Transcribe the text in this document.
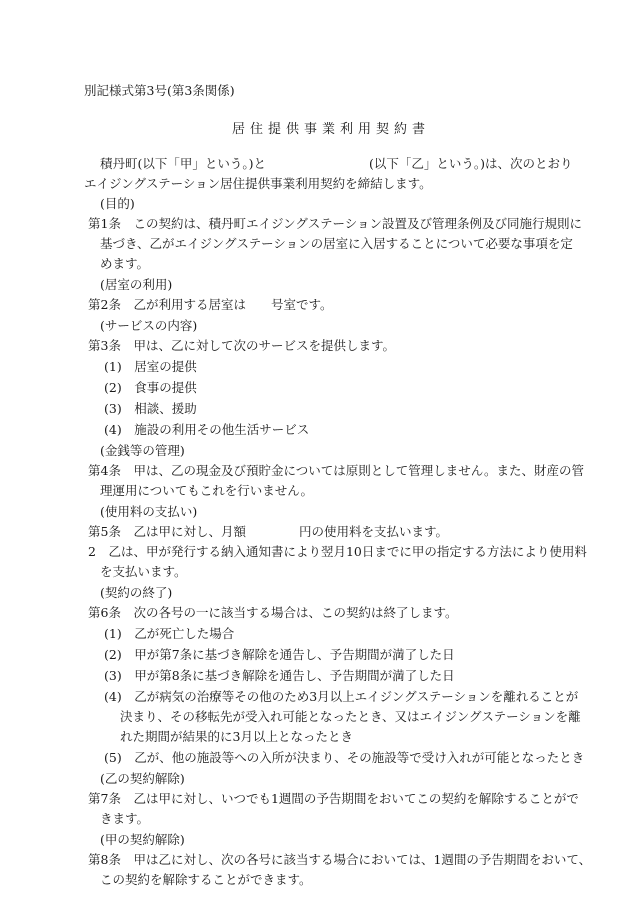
別記様式第3号(第3条関係)
居住提供事業利用契約書
積丹町(以下「甲」という。)と	(以下「乙」という。)は、次のとおり
エイジングステーション居住提供事業利用契約を締結します。
(目的)
第1条　この契約は、積丹町エイジングステーション設置及び管理条例及び同施行規則に
基づき、乙がエイジングステーションの居室に入居することについて必要な事項を定
めます。
(居室の利用)
第2条　乙が利用する居室は　　号室です。
(サービスの内容)
第3条　甲は、乙に対して次のサービスを提供します。
(1)　居室の提供
(2)　食事の提供
(3)　相談、援助
(4)　施設の利用その他生活サービス
(金銭等の管理)
第4条　甲は、乙の現金及び預貯金については原則として管理しません。また、財産の管
理運用についてもこれを行いません。
(使用料の支払い)
第5条　乙は甲に対し、月額	円の使用料を支払います。
2　乙は、甲が発行する納入通知書により翌月10日までに甲の指定する方法により使用料
を支払います。
(契約の終了)
第6条　次の各号の一に該当する場合は、この契約は終了します。
(1)　乙が死亡した場合
(2)　甲が第7条に基づき解除を通告し、予告期間が満了した日
(3)　甲が第8条に基づき解除を通告し、予告期間が満了した日
(4)　乙が病気の治療等その他のため3月以上エイジングステーションを離れることが
決まり、その移転先が受入れ可能となったとき、又はエイジングステーションを離
れた期間が結果的に3月以上となったとき
(5)　乙が、他の施設等への入所が決まり、その施設等で受け入れが可能となったとき
(乙の契約解除)
第7条　乙は甲に対し、いつでも1週間の予告期間をおいてこの契約を解除することがで
きます。
(甲の契約解除)
第8条　甲は乙に対し、次の各号に該当する場合においては、1週間の予告期間をおいて、
この契約を解除することができます。
